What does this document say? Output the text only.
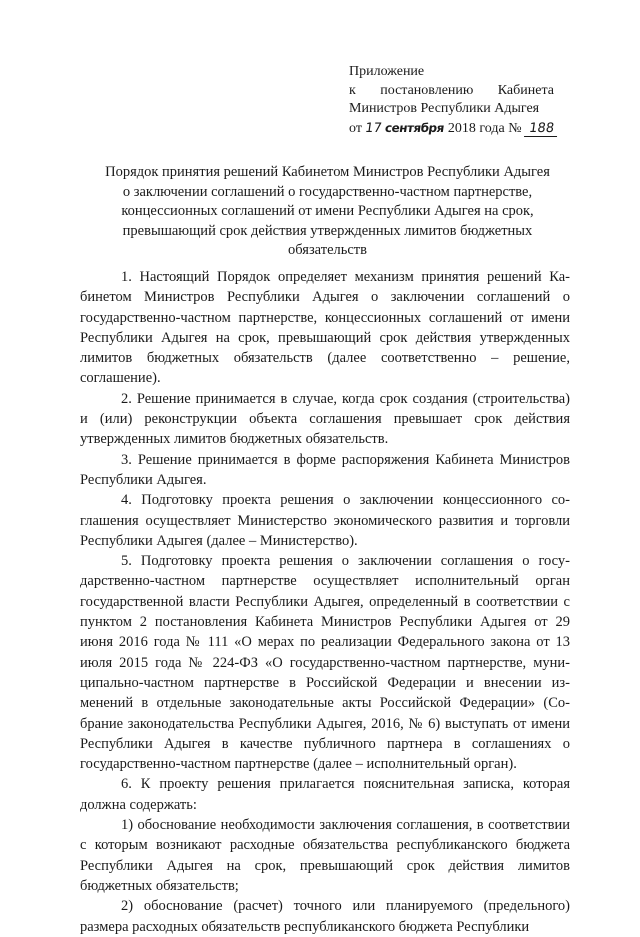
Приложение
к постановлению Кабинета
Министров Республики Адыгея
от 17 сентября 2018 года № 188
Порядок принятия решений Кабинетом Министров Республики Адыгея
о заключении соглашений о государственно-частном партнерстве,
концессионных соглашений от имени Республики Адыгея на срок,
превышающий срок действия утвержденных лимитов бюджетных
обязательств

1. Настоящий Порядок определяет механизм принятия решений Кабинетом Министров Республики Адыгея о заключении соглашений о государственно-частном партнерстве, концессионных соглашений от имени Республики Адыгея на срок, превышающий срок действия утвержденных лимитов бюджетных обязательств (далее соответственно – решение, соглашение).

2. Решение принимается в случае, когда срок создания (строительства) и (или) реконструкции объекта соглашения превышает срок действия утвержденных лимитов бюджетных обязательств.

3. Решение принимается в форме распоряжения Кабинета Министров Республики Адыгея.

4. Подготовку проекта решения о заключении концессионного соглашения осуществляет Министерство экономического развития и торговли Республики Адыгея (далее – Министерство).

5. Подготовку проекта решения о заключении соглашения о государственно-частном партнерстве осуществляет исполнительный орган государственной власти Республики Адыгея, определенный в соответствии с пунктом 2 постановления Кабинета Министров Республики Адыгея от 29 июня 2016 года № 111 «О мерах по реализации Федерального закона от 13 июля 2015 года № 224-ФЗ «О государственно-частном партнерстве, муниципально-частном партнерстве в Российской Федерации и внесении изменений в отдельные законодательные акты Российской Федерации» (Собрание законодательства Республики Адыгея, 2016, № 6) выступать от имени Республики Адыгея в качестве публичного партнера в соглашениях о государственно-частном партнерстве (далее – исполнительный орган).

6. К проекту решения прилагается пояснительная записка, которая должна содержать:

1) обоснование необходимости заключения соглашения, в соответствии с которым возникают расходные обязательства республиканского бюджета Республики Адыгея на срок, превышающий срок действия лимитов бюджетных обязательств;

2) обоснование (расчет) точного или планируемого (предельного) размера расходных обязательств республиканского бюджета Республики
